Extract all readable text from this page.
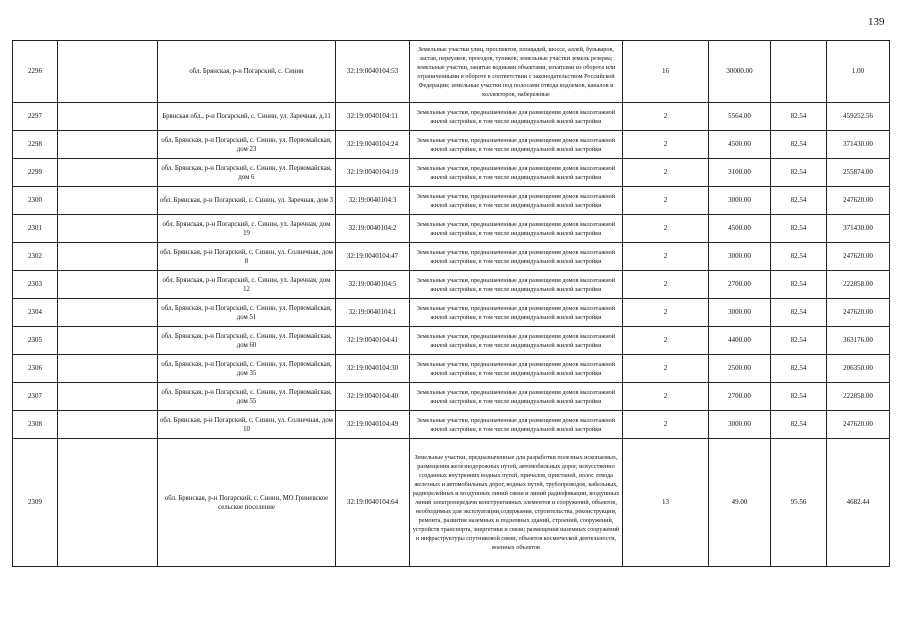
139
2296		обл. Брянская, р-н Погарский, с. Синин	32:19:0040104:53	Земельные участки улиц, проспектов, площадей, шоссе, аллей, бульваров, застав, переулков, проездов, тупиков; земельные участки земель резерва; земельные участки, занятые водными объектами, изъятыми из оборота или ограниченными в обороте в соответствии с законодательством Российской Федерации; земельные участки под полосами отвода водоемов, каналов и коллекторов, набережные	16	30000.00		1.00
2297		Брянская обл., р-н Погарский, с. Синин, ул. Заречная, д.11	32:19:0040104:11	Земельные участки, предназначенные для размещения домов малоэтажной жилой застройки, в том числе индивидуальной жилой застройки	2	5564.00	82.54	459252.56
2298		обл. Брянская, р-н Погарский, с. Синин, ул. Первомайская, дом 23	32:19:0040104:24	Земельные участки, предназначенные для размещения домов малоэтажной жилой застройки, в том числе индивидуальной жилой застройки	2	4500.00	82.54	371430.00
2299		обл. Брянская, р-н Погарский, с. Синин, ул. Первомайская, дом 6	32:19:0040104:19	Земельные участки, предназначенные для размещения домов малоэтажной жилой застройки, в том числе индивидуальной жилой застройки	2	3100.00	82.54	255874.00
2300		обл. Брянская, р-н Погарский, с. Синин, ул. Заречная, дом 3	32:19:0040104:3	Земельные участки, предназначенные для размещения домов малоэтажной жилой застройки, в том числе индивидуальной жилой застройки	2	3000.00	82.54	247620.00
2301		обл. Брянская, р-н Погарский, с. Синин, ул. Заречная, дом 19	32:19:0040104:2	Земельные участки, предназначенные для размещения домов малоэтажной жилой застройки, в том числе индивидуальной жилой застройки	2	4500.00	82.54	371430.00
2302		обл. Брянская, р-н Погарский, с. Синин, ул. Солнечная, дом 8	32:19:0040104:47	Земельные участки, предназначенные для размещения домов малоэтажной жилой застройки, в том числе индивидуальной жилой застройки	2	3000.00	82.54	247620.00
2303		обл. Брянская, р-н Погарский, с. Синин, ул. Заречная, дом 12	32:19:0040104:5	Земельные участки, предназначенные для размещения домов малоэтажной жилой застройки, в том числе индивидуальной жилой застройки	2	2700.00	82.54	222858.00
2304		обл. Брянская, р-н Погарский, с. Синин, ул. Первомайская, дом 51	32:19:0040104:1	Земельные участки, предназначенные для размещения домов малоэтажной жилой застройки, в том числе индивидуальной жилой застройки	2	3000.00	82.54	247620.00
2305		обл. Брянская, р-н Погарский, с. Синин, ул. Первомайская, дом 60	32:19:0040104:41	Земельные участки, предназначенные для размещения домов малоэтажной жилой застройки, в том числе индивидуальной жилой застройки	2	4400.00	82.54	363176.00
2306		обл. Брянская, р-н Погарский, с. Синин, ул. Первомайская, дом 35	32:19:0040104:30	Земельные участки, предназначенные для размещения домов малоэтажной жилой застройки, в том числе индивидуальной жилой застройки	2	2500.00	82.54	206350.00
2307		обл. Брянская, р-н Погарский, с. Синин, ул. Первомайская, дом 55	32:19:0040104:40	Земельные участки, предназначенные для размещения домов малоэтажной жилой застройки, в том числе индивидуальной жилой застройки	2	2700.00	82.54	222858.00
2308		обл. Брянская, р-н Погарский, с. Синин, ул. Солнечная, дом 10	32:19:0040104:49	Земельные участки, предназначенные для размещения домов малоэтажной жилой застройки, в том числе индивидуальной жилой застройки	2	3000.00	82.54	247620.00
2309		обл. Брянская, р-н Погарский, с. Синин, МО Гриневское сельское поселение	32:19:0040104:64	Земельные участки, предназначенные для разработки полезных ископаемых, размещения железнодорожных путей, автомобильных дорог, искусственно созданных внутренних водных путей, причалов, пристаней, полос отвода железных и автомобильных дорог, водных путей, трубопроводов, кабельных, радиорелейных и воздушных линий связи и линий радиофикации, воздушных линий электропередачи конструктивных элементов и сооружений, объектов, необходимых для эксплуатации,содержания, строительства, реконструкции, ремонта, развития наземных и подземных зданий, строений, сооружений, устройств транспорта, энергетики и связи; размещения наземных сооружений и инфраструктуры спутниковой связи, объектов космической деятельности, военных объектов	13	49.00	95.56	4682.44
